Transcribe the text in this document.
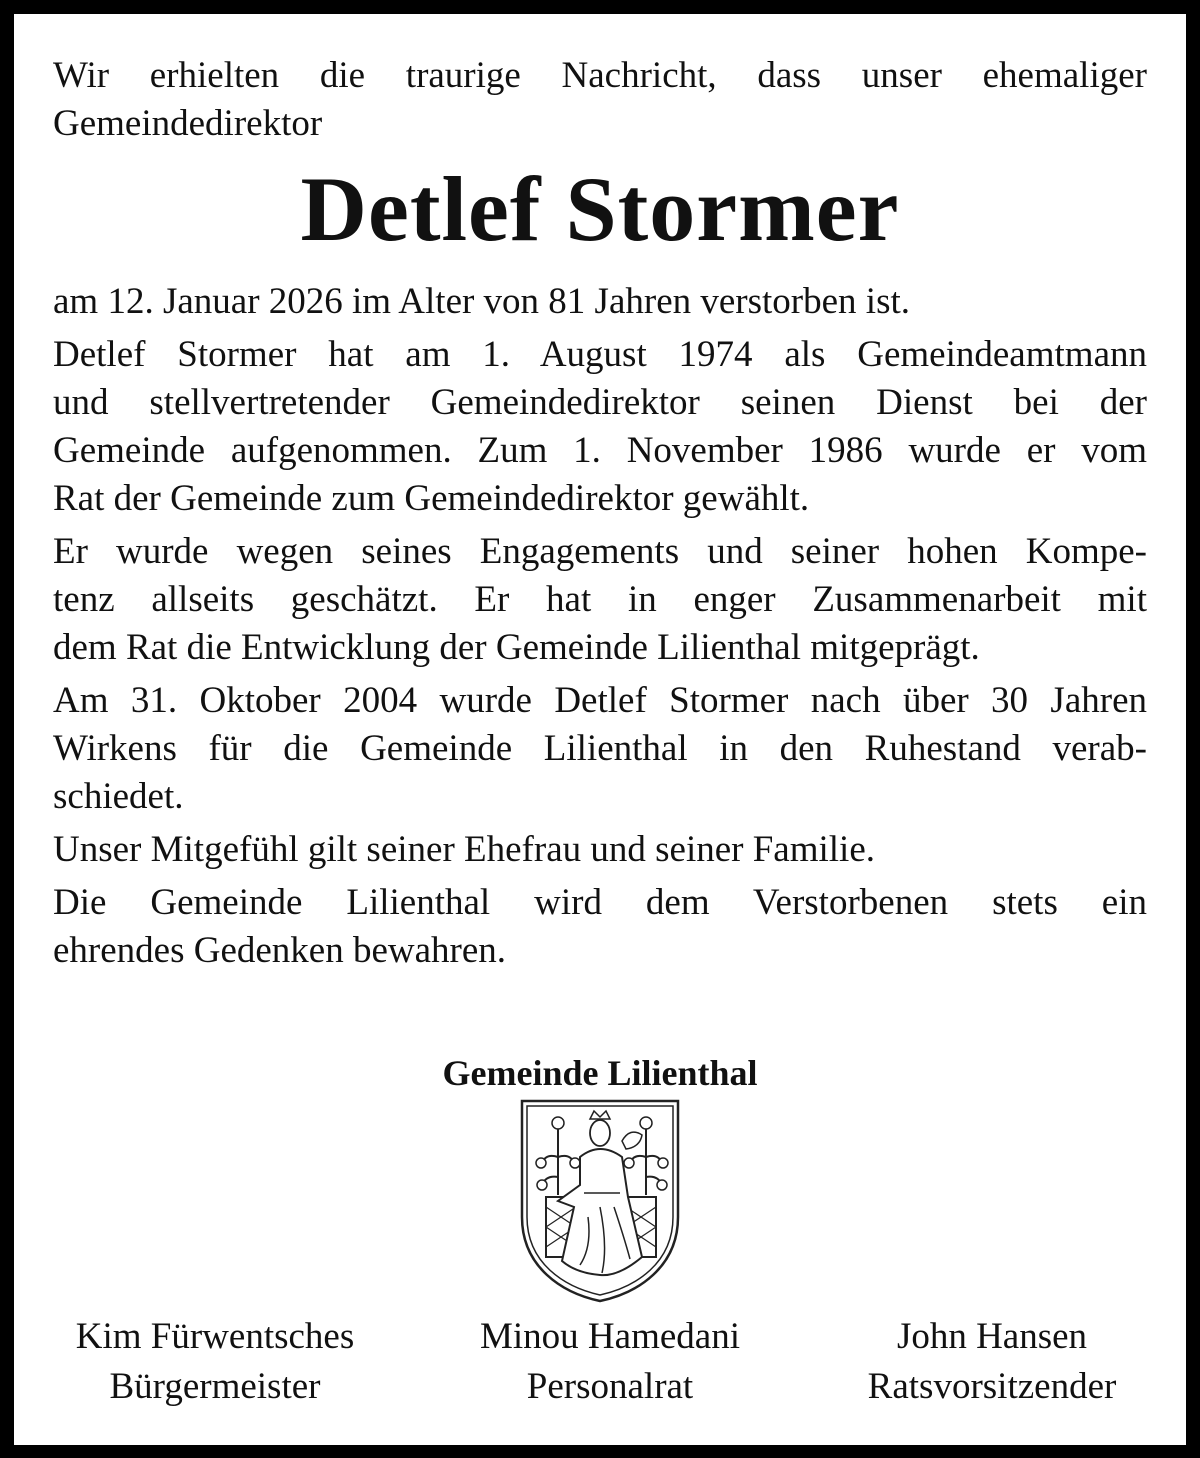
Wir erhielten die traurige Nachricht, dass unser ehemaliger
Gemeindedirektor
Detlef Stormer
am 12. Januar 2026 im Alter von 81 Jahren verstorben ist.
Detlef Stormer hat am 1. August 1974 als Gemeindeamtmann
und stellvertretender Gemeindedirektor seinen Dienst bei der
Gemeinde aufgenommen. Zum 1. November 1986 wurde er vom
Rat der Gemeinde zum Gemeindedirektor gewählt.
Er wurde wegen seines Engagements und seiner hohen Kompe-
tenz allseits geschätzt. Er hat in enger Zusammenarbeit mit
dem Rat die Entwicklung der Gemeinde Lilienthal mitgeprägt.
Am 31. Oktober 2004 wurde Detlef Stormer nach über 30 Jahren
Wirkens für die Gemeinde Lilienthal in den Ruhestand verab-
schiedet.
Unser Mitgefühl gilt seiner Ehefrau und seiner Familie.
Die Gemeinde Lilienthal wird dem Verstorbenen stets ein
ehrendes Gedenken bewahren.
Gemeinde Lilienthal
Kim Fürwentsches
Bürgermeister
Minou Hamedani
Personalrat
John Hansen
Ratsvorsitzender
